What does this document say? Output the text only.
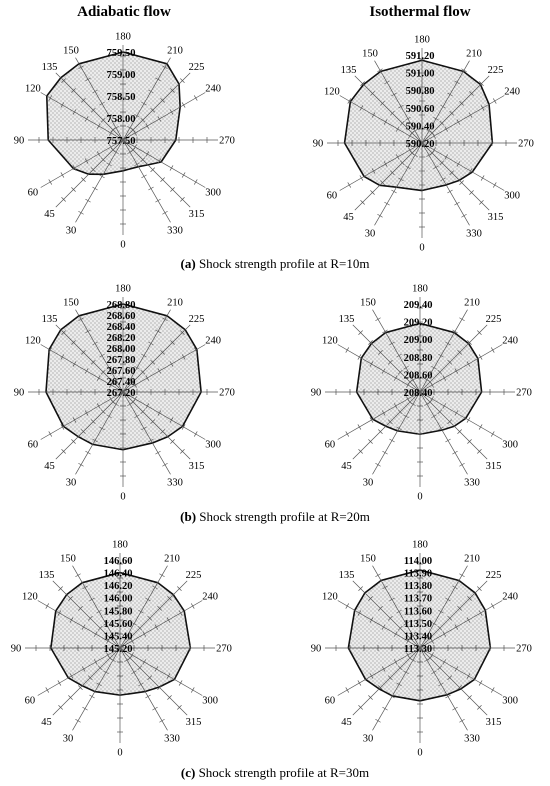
Adiabatic flow	Isothermal flow
0
30
45
60
90
120
135
150
180
210
225
240
270
300
315
330
757.50
758.00
758.50
759.00
759.50
0
30
45
60
90
120
135
150
180
210
225
240
270
300
315
330
590.20
590.40
590.60
590.80
591.00
591.20
0
30
45
60
90
120
135
150
180
210
225
240
270
300
315
330
267.20
267.40
267.60
267.80
268.00
268.20
268.40
268.60
268.80
0
30
45
60
90
120
135
150
180
210
225
240
270
300
315
330
208.40
208.60
208.80
209.00
209.20
209.40
0
30
45
60
90
120
135
150
180
210
225
240
270
300
315
330
145.20
145.40
145.60
145.80
146.00
146.20
146.40
146.60
0
30
45
60
90
120
135
150
180
210
225
240
270
300
315
330
113.30
113.40
113.50
113.60
113.70
113.80
113.90
114.00
(a) Shock strength profile at R=10m
(b) Shock strength profile at R=20m
(c) Shock strength profile at R=30m
